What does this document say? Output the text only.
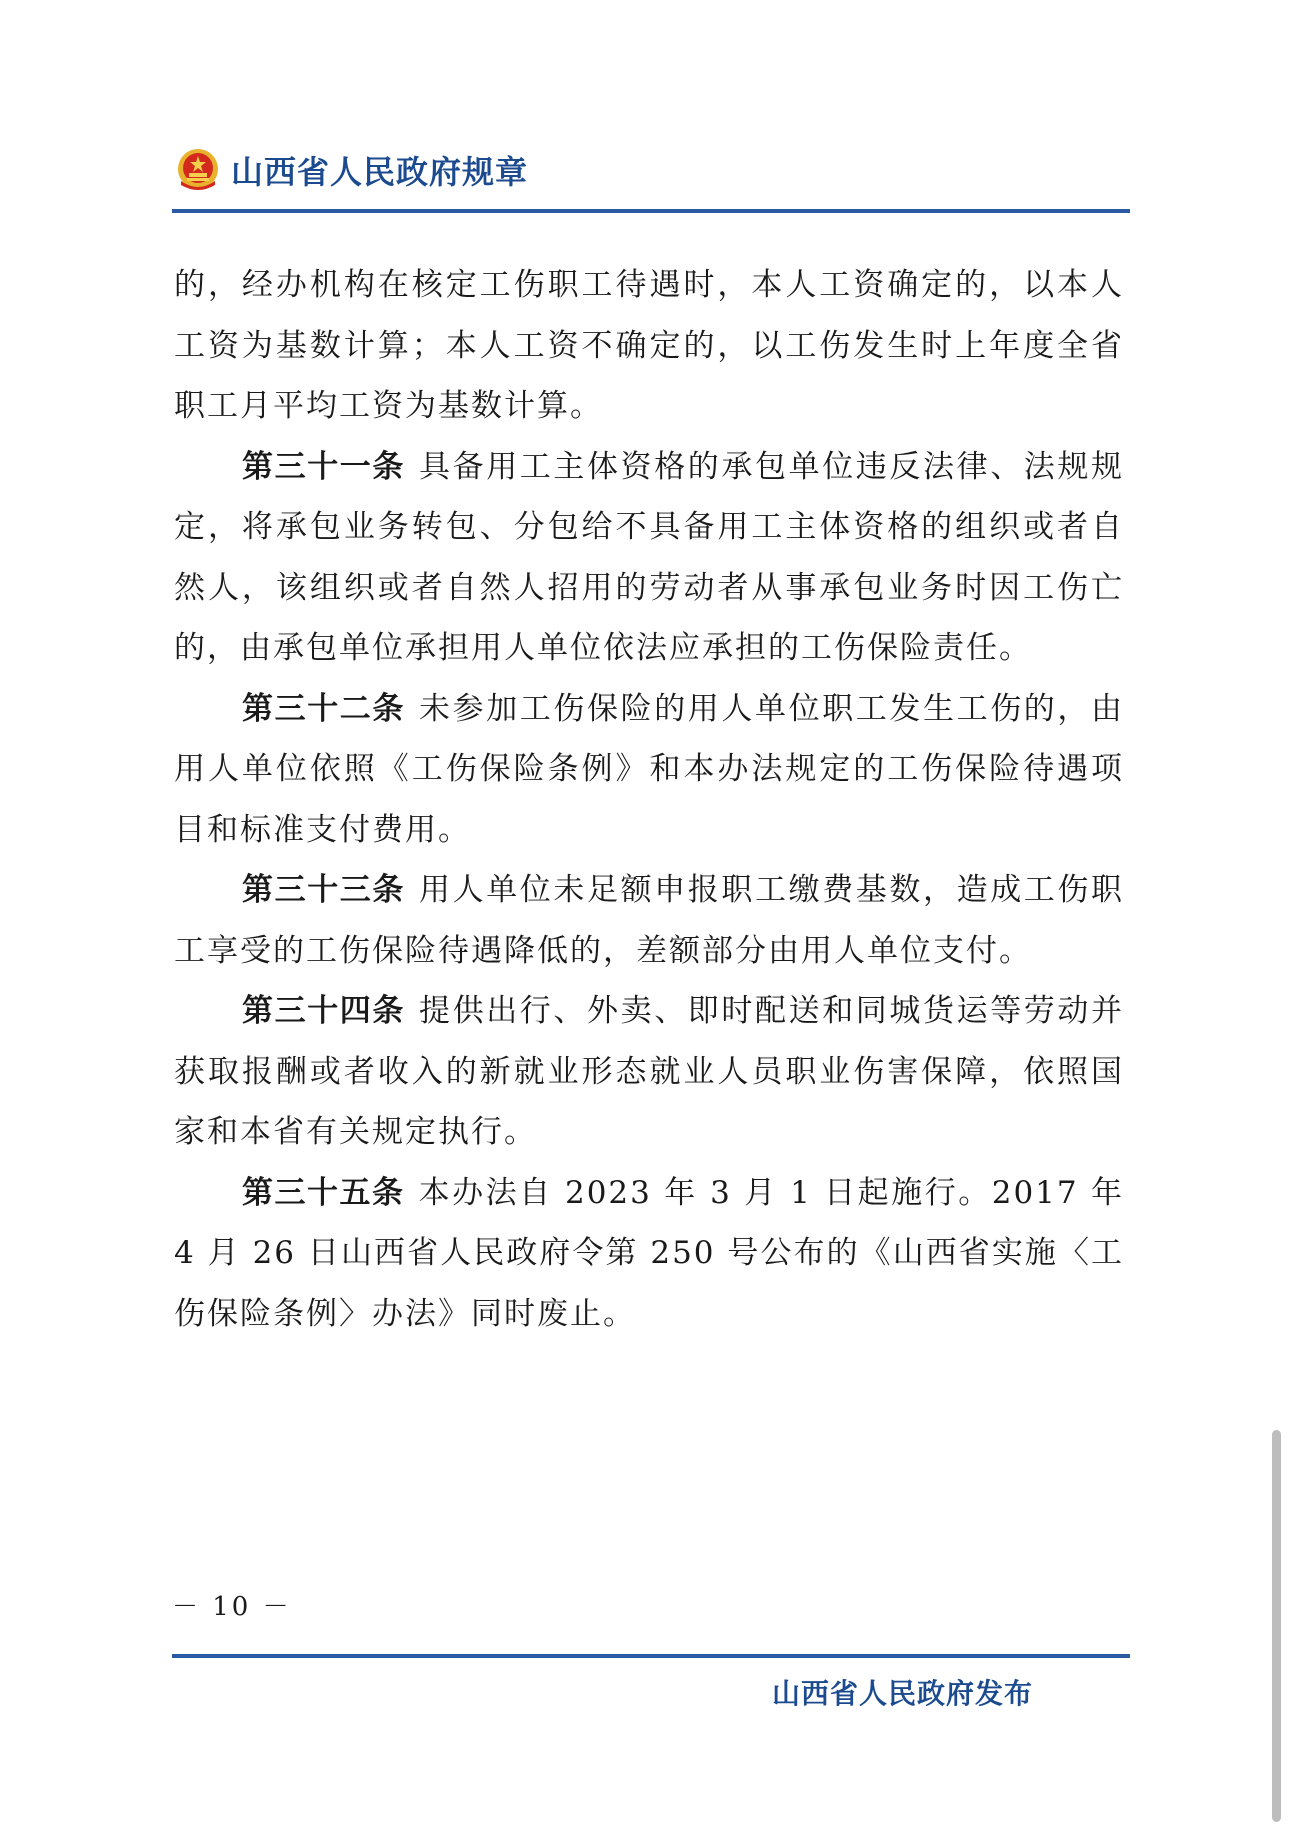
山西省人民政府规章

的，经办机构在核定工伤职工待遇时，本人工资确定的，以本人工资为基数计算；本人工资不确定的，以工伤发生时上年度全省职工月平均工资为基数计算。

第三十一条 具备用工主体资格的承包单位违反法律、法规规定，将承包业务转包、分包给不具备用工主体资格的组织或者自然人，该组织或者自然人招用的劳动者从事承包业务时因工伤亡的，由承包单位承担用人单位依法应承担的工伤保险责任。

第三十二条 未参加工伤保险的用人单位职工发生工伤的，由用人单位依照《工伤保险条例》和本办法规定的工伤保险待遇项目和标准支付费用。

第三十三条 用人单位未足额申报职工缴费基数，造成工伤职工享受的工伤保险待遇降低的，差额部分由用人单位支付。

第三十四条 提供出行、外卖、即时配送和同城货运等劳动并获取报酬或者收入的新就业形态就业人员职业伤害保障，依照国家和本省有关规定执行。

第三十五条 本办法自 2023 年 3 月 1 日起施行。2017 年 4 月 26 日山西省人民政府令第 250 号公布的《山西省实施〈工伤保险条例〉办法》同时废止。

－ 10 －
山西省人民政府发布
